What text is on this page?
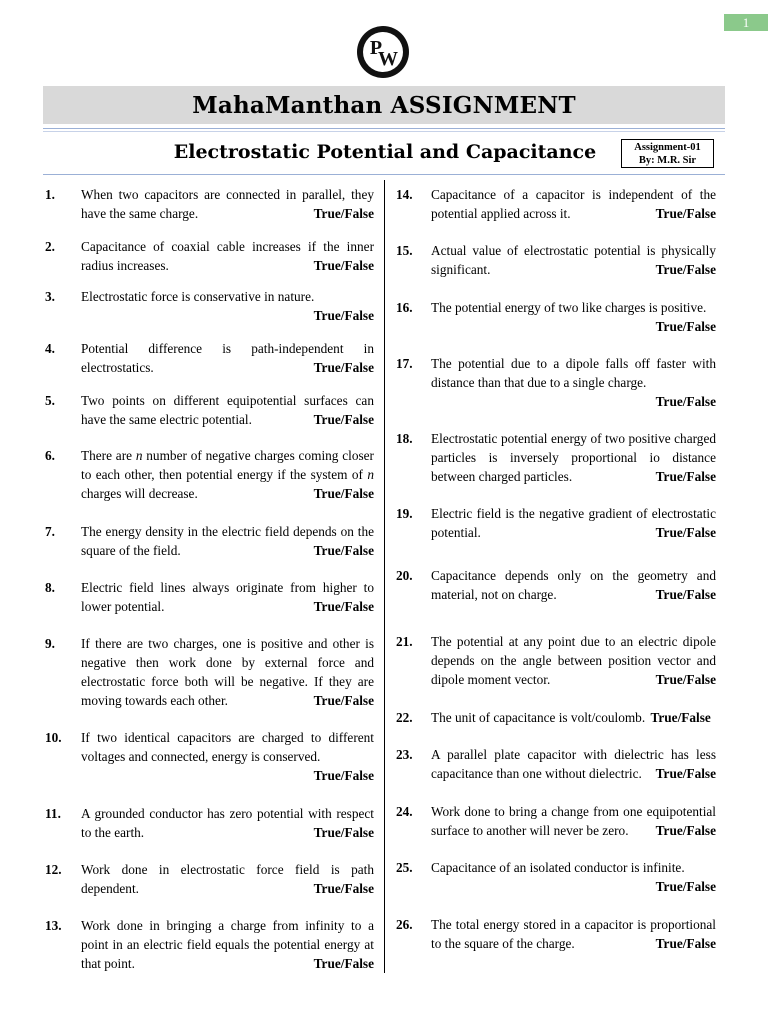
1
P
W
MahaManthan ASSIGNMENT
Electrostatic Potential and Capacitance	Assignment-01
By: M.R. Sir
1. When two capacitors are connected in parallel, they have the same charge.	True/False
2. Capacitance of coaxial cable increases if the inner radius increases.	True/False
3. Electrostatic force is conservative in nature.
True/False
4. Potential difference is path-independent in electrostatics.	True/False
5. Two points on different equipotential surfaces can have the same electric potential.	True/False
6. There are n number of negative charges coming closer to each other, then potential energy if the system of n charges will decrease.	True/False
7. The energy density in the electric field depends on the square of the field.	True/False
8. Electric field lines always originate from higher to lower potential.	True/False
9. If there are two charges, one is positive and other is negative then work done by external force and electrostatic force both will be negative. If they are moving towards each other.	True/False
10. If two identical capacitors are charged to different voltages and connected, energy is conserved.
True/False
11. A grounded conductor has zero potential with respect to the earth.	True/False
12. Work done in electrostatic force field is path dependent.	True/False
13. Work done in bringing a charge from infinity to a point in an electric field equals the potential energy at that point.	True/False
14. Capacitance of a capacitor is independent of the potential applied across it.	True/False
15. Actual value of electrostatic potential is physically significant.	True/False
16. The potential energy of two like charges is positive.
True/False
17. The potential due to a dipole falls off faster with distance than that due to a single charge.
True/False
18. Electrostatic potential energy of two positive charged particles is inversely proportional io distance between charged particles.	True/False
19. Electric field is the negative gradient of electrostatic potential.	True/False
20. Capacitance depends only on the geometry and material, not on charge.	True/False
21. The potential at any point due to an electric dipole depends on the angle between position vector and dipole moment vector.	True/False
22. The unit of capacitance is volt/coulomb. True/False
23. A parallel plate capacitor with dielectric has less capacitance than one without dielectric. True/False
24. Work done to bring a change from one equipotential surface to another will never be zero. True/False
25. Capacitance of an isolated conductor is infinite.
True/False
26. The total energy stored in a capacitor is proportional to the square of the charge.	True/False
